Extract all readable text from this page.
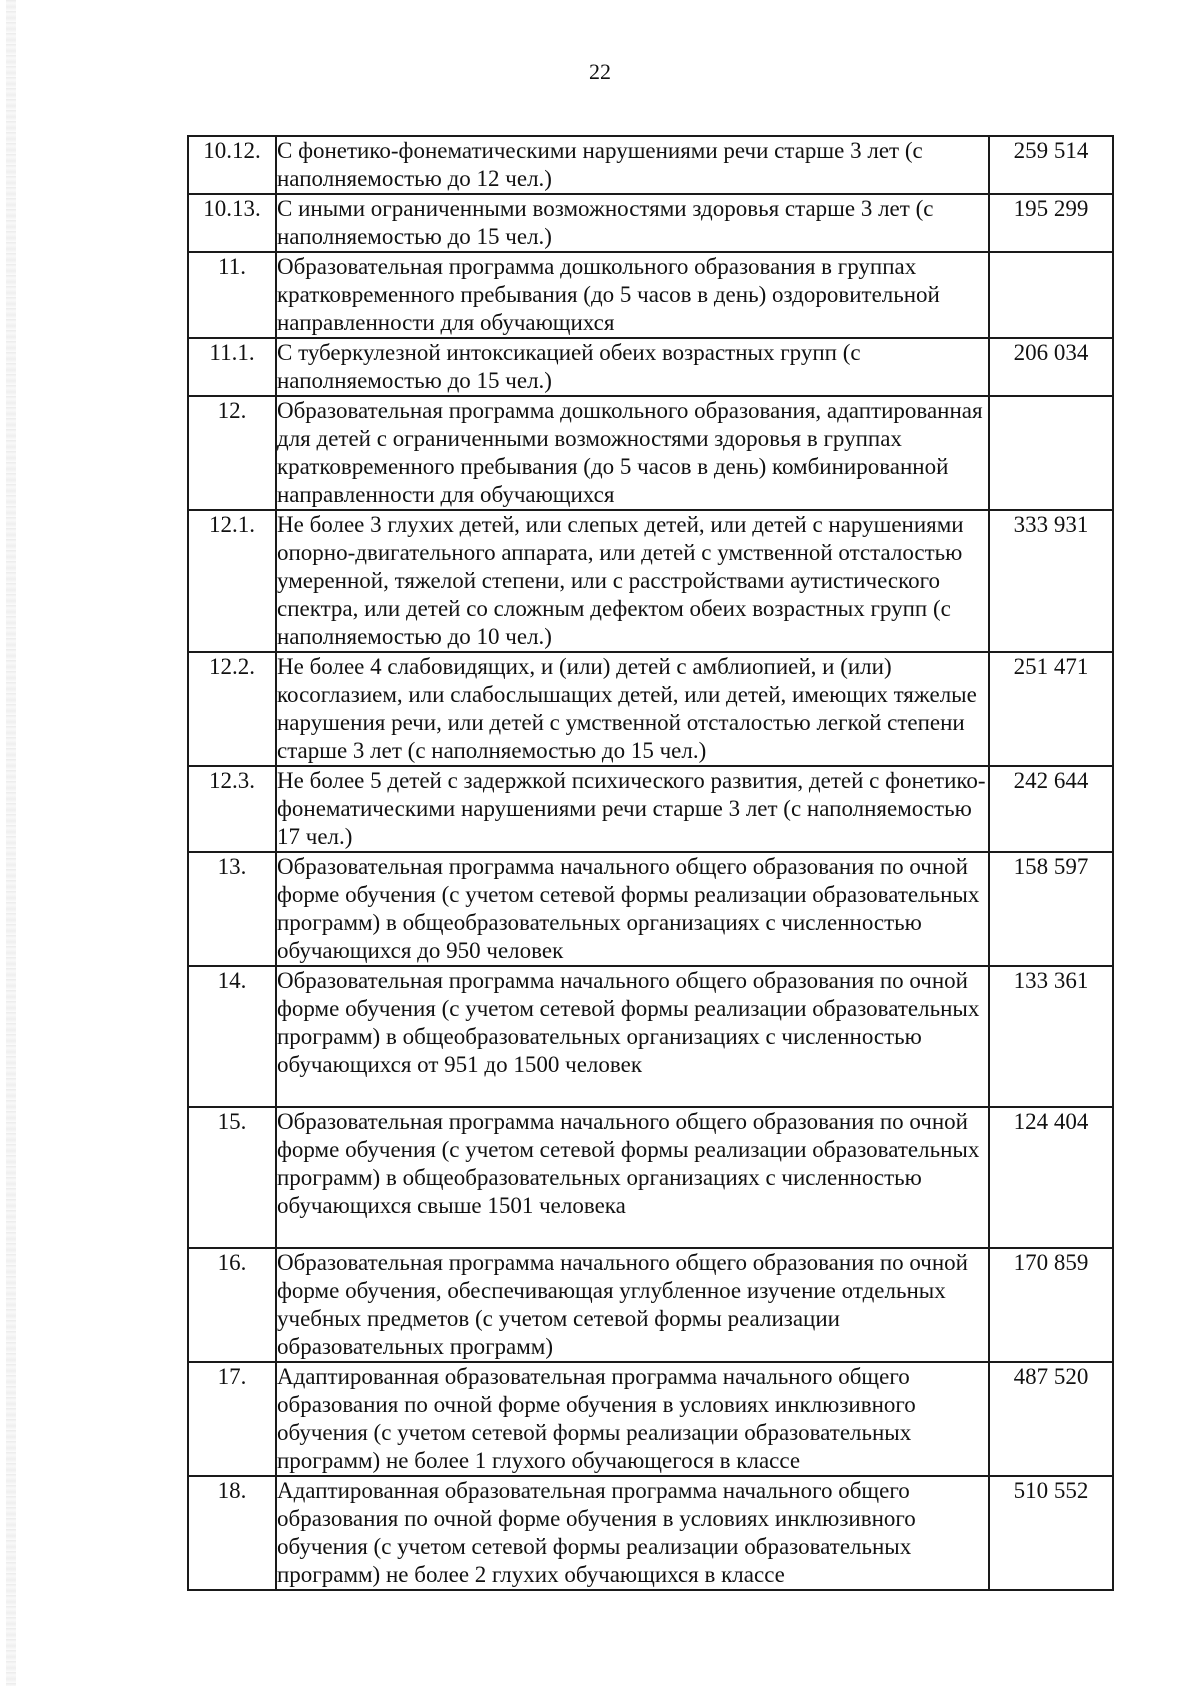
22
10.12.	С фонетико-фонематическими нарушениями речи старше 3 лет (с наполняемостью до 12 чел.)	259 514
10.13.	С иными ограниченными возможностями здоровья старше 3 лет (с наполняемостью до 15 чел.)	195 299
11.	Образовательная программа дошкольного образования в группах кратковременного пребывания (до 5 часов в день) оздоровительной направленности для обучающихся	
11.1.	С туберкулезной интоксикацией обеих возрастных групп (с наполняемостью до 15 чел.)	206 034
12.	Образовательная программа дошкольного образования, адаптированная для детей с ограниченными возможностями здоровья в группах кратковременного пребывания (до 5 часов в день) комбинированной направленности для обучающихся	
12.1.	Не более 3 глухих детей, или слепых детей, или детей с нарушениями опорно-двигательного аппарата, или детей с умственной отсталостью умеренной, тяжелой степени, или с расстройствами аутистического спектра, или детей со сложным дефектом обеих возрастных групп (с наполняемостью до 10 чел.)	333 931
12.2.	Не более 4 слабовидящих, и (или) детей с амблиопией, и (или) косоглазием, или слабослышащих детей, или детей, имеющих тяжелые нарушения речи, или детей с умственной отсталостью легкой степени старше 3 лет (с наполняемостью до 15 чел.)	251 471
12.3.	Не более 5 детей с задержкой психического развития, детей с фонетико-фонематическими нарушениями речи старше 3 лет (с наполняемостью 17 чел.)	242 644
13.	Образовательная программа начального общего образования по очной форме обучения (с учетом сетевой формы реализации образовательных программ) в общеобразовательных организациях с численностью обучающихся до 950 человек	158 597
14.	Образовательная программа начального общего образования по очной форме обучения (с учетом сетевой формы реализации образовательных программ) в общеобразовательных организациях с численностью обучающихся от 951 до 1500 человек	133 361
15.	Образовательная программа начального общего образования по очной форме обучения (с учетом сетевой формы реализации образовательных программ) в общеобразовательных организациях с численностью обучающихся свыше 1501 человека	124 404
16.	Образовательная программа начального общего образования по очной форме обучения, обеспечивающая углубленное изучение отдельных учебных предметов (с учетом сетевой формы реализации образовательных программ)	170 859
17.	Адаптированная образовательная программа начального общего образования по очной форме обучения в условиях инклюзивного обучения (с учетом сетевой формы реализации образовательных программ) не более 1 глухого обучающегося в классе	487 520
18.	Адаптированная образовательная программа начального общего образования по очной форме обучения в условиях инклюзивного обучения (с учетом сетевой формы реализации образовательных программ) не более 2 глухих обучающихся в классе	510 552
